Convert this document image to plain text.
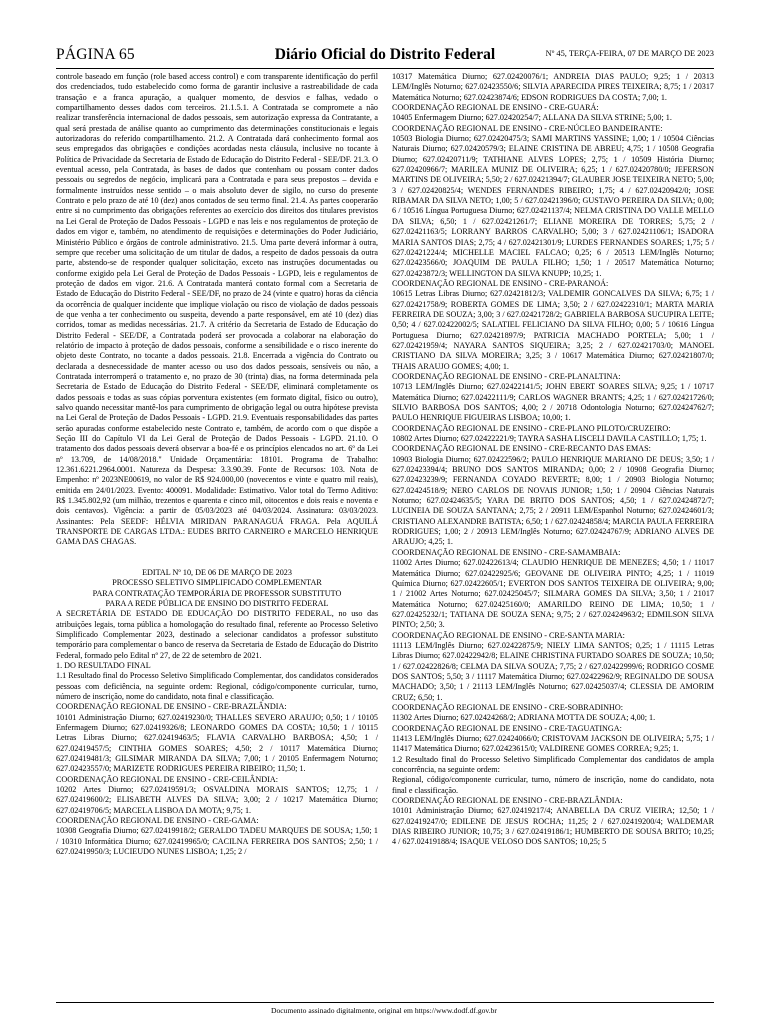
PÁGINA 65	Diário Oficial do Distrito Federal	Nº 45, TERÇA-FEIRA, 07 DE MARÇO DE 2023

controle baseado em função (role based access control) e com transparente identificação do perfil dos credenciados, tudo estabelecido como forma de garantir inclusive a rastreabilidade de cada transação e a franca apuração, a qualquer momento, de desvios e falhas, vedado o compartilhamento desses dados com terceiros. 21.1.5.1. A Contratada se compromete a não realizar transferência internacional de dados pessoais, sem autorização expressa da Contratante, a qual será prestada de análise quanto ao cumprimento das determinações constitucionais e legais autorizadoras do referido compartilhamento. 21.2. A Contratada dará conhecimento formal aos seus empregados das obrigações e condições acordadas nesta cláusula, inclusive no tocante à Política de Privacidade da Secretaria de Estado de Educação do Distrito Federal - SEE/DF. 21.3. O eventual acesso, pela Contratada, às bases de dados que contenham ou possam conter dados pessoais ou segredos de negócio, implicará para a Contratada e para seus prepostos – devida e formalmente instruídos nesse sentido – o mais absoluto dever de sigilo, no curso do presente Contrato e pelo prazo de até 10 (dez) anos contados de seu termo final. 21.4. As partes cooperarão entre si no cumprimento das obrigações referentes ao exercício dos direitos dos titulares previstos na Lei Geral de Proteção de Dados Pessoais - LGPD e nas leis e nos regulamentos de proteção de dados em vigor e, também, no atendimento de requisições e determinações do Poder Judiciário, Ministério Público e órgãos de controle administrativo. 21.5. Uma parte deverá informar à outra, sempre que receber uma solicitação de um titular de dados, a respeito de dados pessoais da outra parte, abstendo-se de responder qualquer solicitação, exceto nas instruções documentadas ou conforme exigido pela Lei Geral de Proteção de Dados Pessoais - LGPD, leis e regulamentos de proteção de dados em vigor. 21.6. A Contratada manterá contato formal com a Secretaria de Estado de Educação do Distrito Federal - SEE/DF, no prazo de 24 (vinte e quatro) horas da ciência da ocorrência de qualquer incidente que implique violação ou risco de violação de dados pessoais de que venha a ter conhecimento ou suspeita, devendo a parte responsável, em até 10 (dez) dias corridos, tomar as medidas necessárias. 21.7. A critério da Secretaria de Estado de Educação do Distrito Federal - SEE/DF, a Contratada poderá ser provocada a colaborar na elaboração do relatório de impacto à proteção de dados pessoais, conforme a sensibilidade e o risco inerente do objeto deste Contrato, no tocante a dados pessoais. 21.8. Encerrada a vigência do Contrato ou declarada a desnecessidade de manter acesso ou uso dos dados pessoais, sensíveis ou não, a Contratada interromperá o tratamento e, no prazo de 30 (trinta) dias, na forma determinada pela Secretaria de Estado de Educação do Distrito Federal - SEE/DF, eliminará completamente os dados pessoais e todas as suas cópias porventura existentes (em formato digital, físico ou outro), salvo quando necessitar mantê-los para cumprimento de obrigação legal ou outra hipótese prevista na Lei Geral de Proteção de Dados Pessoais - LGPD. 21.9. Eventuais responsabilidades das partes serão apuradas conforme estabelecido neste Contrato e, também, de acordo com o que dispõe a Seção III do Capítulo VI da Lei Geral de Proteção de Dados Pessoais - LGPD. 21.10. O tratamento dos dados pessoais deverá observar a boa-fé e os princípios elencados no art. 6º da Lei nº 13.709, de 14/08/2018." Unidade Orçamentária: 18101. Programa de Trabalho: 12.361.6221.2964.0001. Natureza da Despesa: 3.3.90.39. Fonte de Recursos: 103. Nota de Empenho: nº 2023NE00619, no valor de R$ 924.000,00 (novecentos e vinte e quatro mil reais), emitida em 24/01/2023. Evento: 400091. Modalidade: Estimativo. Valor total do Termo Aditivo: R$ 1.345.802,92 (um milhão, trezentos e quarenta e cinco mil, oitocentos e dois reais e noventa e dois centavos). Vigência: a partir de 05/03/2023 até 04/03/2024. Assinatura: 03/03/2023. Assinantes: Pela SEEDF: HÉLVIA MIRIDAN PARANAGUÁ FRAGA. Pela AQUILÁ TRANSPORTE DE CARGAS LTDA.: EUDES BRITO CARNEIRO e MARCELO HENRIQUE GAMA DAS CHAGAS.

EDITAL Nº 10, DE 06 DE MARÇO DE 2023

PROCESSO SELETIVO SIMPLIFICADO COMPLEMENTAR

PARA CONTRATAÇÃO TEMPORÁRIA DE PROFESSOR SUBSTITUTO

PARA A REDE PÚBLICA DE ENSINO DO DISTRITO FEDERAL

A SECRETÁRIA DE ESTADO DE EDUCAÇÃO DO DISTRITO FEDERAL, no uso das atribuições legais, torna pública a homologação do resultado final, referente ao Processo Seletivo Simplificado Complementar 2023, destinado a selecionar candidatos a professor substituto temporário para complementar o banco de reserva da Secretaria de Estado de Educação do Distrito Federal, formado pelo Edital nº 27, de 22 de setembro de 2021.

1. DO RESULTADO FINAL

1.1 Resultado final do Processo Seletivo Simplificado Complementar, dos candidatos considerados pessoas com deficiência, na seguinte ordem: Regional, código/componente curricular, turno, número de inscrição, nome do candidato, nota final e classificação.

COORDENAÇÃO REGIONAL DE ENSINO - CRE-BRAZLÂNDIA:

10101 Administração Diurno; 627.02419230/0; THALLES SEVERO ARAUJO; 0,50; 1 / 10105 Enfermagem Diurno; 627.02419326/8; LEONARDO GOMES DA COSTA; 10,50; 1 / 10115 Letras Libras Diurno; 627.02419463/5; FLAVIA CARVALHO BARBOSA; 4,50; 1 / 627.02419457/5; CINTHIA GOMES SOARES; 4,50; 2 / 10117 Matemática Diurno; 627.02419481/3; GILSIMAR MIRANDA DA SILVA; 7,00; 1 / 20105 Enfermagem Noturno; 627.02423557/0; MARIZETE RODRIGUES PEREIRA RIBEIRO; 11,50; 1.

COORDENAÇÃO REGIONAL DE ENSINO - CRE-CEILÂNDIA:

10202 Artes Diurno; 627.02419591/3; OSVALDINA MORAIS SANTOS; 12,75; 1 / 627.02419600/2; ELISABETH ALVES DA SILVA; 3,00; 2 / 10217 Matemática Diurno; 627.02419706/5; MARCELA LISBOA DA MOTA; 9,75; 1.

COORDENAÇÃO REGIONAL DE ENSINO - CRE-GAMA:

10308 Geografia Diurno; 627.02419918/2; GERALDO TADEU MARQUES DE SOUSA; 1,50; 1 / 10310 Informática Diurno; 627.02419965/0; CACILNA FERREIRA DOS SANTOS; 2,50; 1 / 627.02419950/3; LUCIEUDO NUNES LISBOA; 1,25; 2 /

10317 Matemática Diurno; 627.02420076/1; ANDREIA DIAS PAULO; 9,25; 1 / 20313 LEM/Inglês Noturno; 627.02423550/6; SILVIA APARECIDA PIRES TEIXEIRA; 8,75; 1 / 20317 Matemática Noturno; 627.02423874/6; EDSON RODRIGUES DA COSTA; 7,00; 1.

COORDENAÇÃO REGIONAL DE ENSINO - CRE-GUARÁ:

10405 Enfermagem Diurno; 627.02420254/7; ALLANA DA SILVA STRINE; 5,00; 1.

COORDENAÇÃO REGIONAL DE ENSINO - CRE-NÚCLEO BANDEIRANTE:

10503 Biologia Diurno; 627.02420475/3; SAMI MARTINS YASSINE; 1,00; 1 / 10504 Ciências Naturais Diurno; 627.02420579/3; ELAINE CRISTINA DE ABREU; 4,75; 1 / 10508 Geografia Diurno; 627.02420711/9; TATHIANE ALVES LOPES; 2,75; 1 / 10509 História Diurno; 627.02420966/7; MARILEA MUNIZ DE OLIVEIRA; 6,25; 1 / 627.02420780/0; JEFERSON MARTINS DE OLIVEIRA; 5,50; 2 / 627.02421394/7; GLAUBER JOSE TEIXEIRA NETO; 5,00; 3 / 627.02420825/4; WENDES FERNANDES RIBEIRO; 1,75; 4 / 627.02420942/0; JOSE RIBAMAR DA SILVA NETO; 1,00; 5 / 627.02421396/0; GUSTAVO PEREIRA DA SILVA; 0,00; 6 / 10516 Língua Portuguesa Diurno; 627.02421137/4; NELMA CRISTINA DO VALLE MELLO DA SILVA; 6,50; 1 / 627.02421261/7; ELIANE MOREIRA DE TORRES; 5,75; 2 / 627.02421163/5; LORRANY BARROS CARVALHO; 5,00; 3 / 627.02421106/1; ISADORA MARIA SANTOS DIAS; 2,75; 4 / 627.02421301/9; LURDES FERNANDES SOARES; 1,75; 5 / 627.02421224/4; MICHELLE MACIEL FALCAO; 0,25; 6 / 20513 LEM/Inglês Noturno; 627.02423566/0; JOAQUIM DE PAULA FILHO; 1,50; 1 / 20517 Matemática Noturno; 627.02423872/3; WELLINGTON DA SILVA KNUPP; 10,25; 1.

COORDENAÇÃO REGIONAL DE ENSINO - CRE-PARANOÁ:

10615 Letras Libras Diurno; 627.02421812/3; VALDEMIR GONCALVES DA SILVA; 6,75; 1 / 627.02421758/9; ROBERTA GOMES DE LIMA; 3,50; 2 / 627.02422310/1; MARTA MARIA FERREIRA DE SOUZA; 3,00; 3 / 627.02421728/2; GABRIELA BARBOSA SUCUPIRA LEITE; 0,50; 4 / 627.02422002/5; SALATIEL FELICIANO DA SILVA FILHO; 0,00; 5 / 10616 Língua Portuguesa Diurno; 627.02421897/9; PATRICIA MACHADO PORTELA; 5,00; 1 / 627.02421959/4; NAYARA SANTOS SIQUEIRA; 3,25; 2 / 627.02421703/0; MANOEL CRISTIANO DA SILVA MOREIRA; 3,25; 3 / 10617 Matemática Diurno; 627.02421807/0; THAIS ARAUJO GOMES; 4,00; 1.

COORDENAÇÃO REGIONAL DE ENSINO - CRE-PLANALTINA:

10713 LEM/Inglês Diurno; 627.02422141/5; JOHN EBERT SOARES SILVA; 9,25; 1 / 10717 Matemática Diurno; 627.02422111/9; CARLOS WAGNER BRANTS; 4,25; 1 / 627.02421726/0; SILVIO BARBOSA DOS SANTOS; 4,00; 2 / 20718 Odontologia Noturno; 627.02424762/7; PAULO HENRIQUE FIGUEIRAS LISBOA; 10,00; 1.

COORDENAÇÃO REGIONAL DE ENSINO - CRE-PLANO PILOTO/CRUZEIRO:

10802 Artes Diurno; 627.02422221/9; TAYRA SASHA LISCELI DAVILA CASTILLO; 1,75; 1.

COORDENAÇÃO REGIONAL DE ENSINO - CRE-RECANTO DAS EMAS:

10903 Biologia Diurno; 627.02422596/2; PAULO HENRIQUE MARIANO DE DEUS; 3,50; 1 / 627.02423394/4; BRUNO DOS SANTOS MIRANDA; 0,00; 2 / 10908 Geografia Diurno; 627.02423239/9; FERNANDA COYADO REVERTE; 8,00; 1 / 20903 Biologia Noturno; 627.02424518/9; NERO CARLOS DE NOVAIS JUNIOR; 1,50; 1 / 20904 Ciências Naturais Noturno; 627.02424635/5; YARA DE BRITO DOS SANTOS; 4,50; 1 / 627.02424872/7; LUCINEIA DE SOUZA SANTANA; 2,75; 2 / 20911 LEM/Espanhol Noturno; 627.02424601/3; CRISTIANO ALEXANDRE BATISTA; 6,50; 1 / 627.02424858/4; MARCIA PAULA FERREIRA RODRIGUES; 1,00; 2 / 20913 LEM/Inglês Noturno; 627.02424767/9; ADRIANO ALVES DE ARAUJO; 4,25; 1.

COORDENAÇÃO REGIONAL DE ENSINO - CRE-SAMAMBAIA:

11002 Artes Diurno; 627.02422613/4; CLAUDIO HENRIQUE DE MENEZES; 4,50; 1 / 11017 Matemática Diurno; 627.02422925/6; GEOVANE DE OLIVEIRA PINTO; 4,25; 1 / 11019 Química Diurno; 627.02422605/1; EVERTON DOS SANTOS TEIXEIRA DE OLIVEIRA; 9,00; 1 / 21002 Artes Noturno; 627.02425045/7; SILMARA GOMES DA SILVA; 3,50; 1 / 21017 Matemática Noturno; 627.02425160/0; AMARILDO REINO DE LIMA; 10,50; 1 / 627.02425232/1; TATIANA DE SOUZA SENA; 9,75; 2 / 627.02424963/2; EDMILSON SILVA PINTO; 2,50; 3.

COORDENAÇÃO REGIONAL DE ENSINO - CRE-SANTA MARIA:

11113 LEM/Inglês Diurno; 627.02422875/9; NIELY LIMA SANTOS; 0,25; 1 / 11115 Letras Libras Diurno; 627.02422942/8; ELAINE CHRISTINA FURTADO SOARES DE SOUZA; 10,50; 1 / 627.02422826/8; CELMA DA SILVA SOUZA; 7,75; 2 / 627.02422999/6; RODRIGO COSME DOS SANTOS; 5,50; 3 / 11117 Matemática Diurno; 627.02422962/9; REGINALDO DE SOUSA MACHADO; 3,50; 1 / 21113 LEM/Inglês Noturno; 627.02425037/4; CLESSIA DE AMORIM CRUZ; 6,50; 1.

COORDENAÇÃO REGIONAL DE ENSINO - CRE-SOBRADINHO:

11302 Artes Diurno; 627.02424268/2; ADRIANA MOTTA DE SOUZA; 4,00; 1.

COORDENAÇÃO REGIONAL DE ENSINO - CRE-TAGUATINGA:

11413 LEM/Inglês Diurno; 627.02424066/0; CRISTOVAM JACKSON DE OLIVEIRA; 5,75; 1 / 11417 Matemática Diurno; 627.02423615/0; VALDIRENE GOMES CORREA; 9,25; 1.

1.2 Resultado final do Processo Seletivo Simplificado Complementar dos candidatos de ampla concorrência, na seguinte ordem:

Regional, código/componente curricular, turno, número de inscrição, nome do candidato, nota final e classificação.

COORDENAÇÃO REGIONAL DE ENSINO - CRE-BRAZLÂNDIA:

10101 Administração Diurno; 627.02419217/4; ANABELLA DA CRUZ VIEIRA; 12,50; 1 / 627.02419247/0; EDILENE DE JESUS ROCHA; 11,25; 2 / 627.02419200/4; WALDEMAR DIAS RIBEIRO JUNIOR; 10,75; 3 / 627.02419186/1; HUMBERTO DE SOUSA BRITO; 10,25; 4 / 627.02419188/4; ISAQUE VELOSO DOS SANTOS; 10,25; 5

Documento assinado digitalmente, original em https://www.dodf.df.gov.br
